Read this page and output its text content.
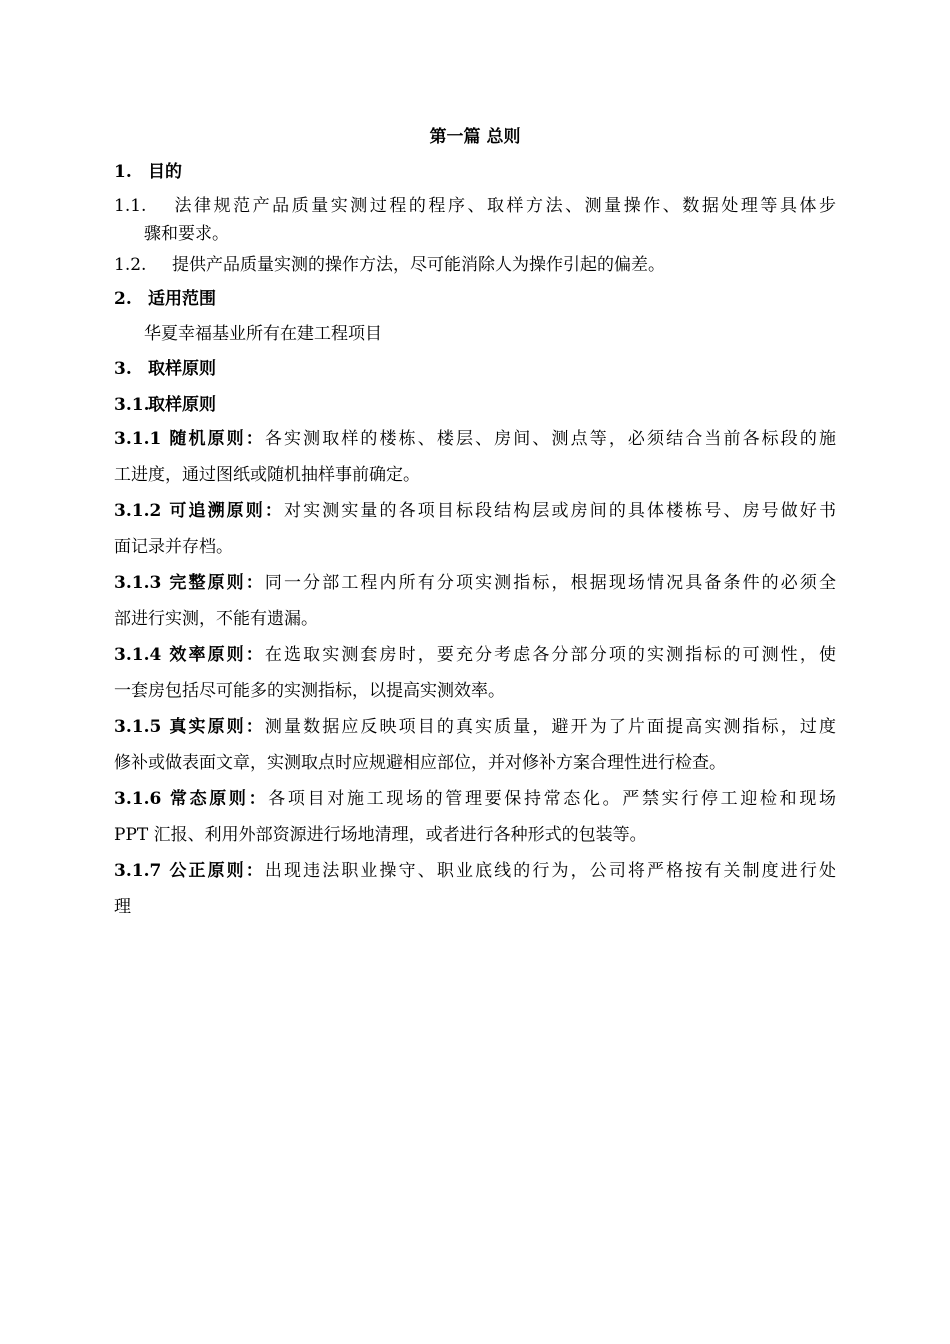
第一篇 总则
1. 目的
1.1. 法律规范产品质量实测过程的程序、取样方法、测量操作、数据处理等具体步
骤和要求。
1.2. 提供产品质量实测的操作方法，尽可能消除人为操作引起的偏差。
2. 适用范围
华夏幸福基业所有在建工程项目
3. 取样原则
3.1.取样原则
3.1.1 随机原则：各实测取样的楼栋、楼层、房间、测点等，必须结合当前各标段的施
工进度，通过图纸或随机抽样事前确定。
3.1.2 可追溯原则：对实测实量的各项目标段结构层或房间的具体楼栋号、房号做好书
面记录并存档。
3.1.3 完整原则：同一分部工程内所有分项实测指标，根据现场情况具备条件的必须全
部进行实测，不能有遗漏。
3.1.4 效率原则：在选取实测套房时，要充分考虑各分部分项的实测指标的可测性，使
一套房包括尽可能多的实测指标，以提高实测效率。
3.1.5 真实原则：测量数据应反映项目的真实质量，避开为了片面提高实测指标，过度
修补或做表面文章，实测取点时应规避相应部位，并对修补方案合理性进行检查。
3.1.6 常态原则：各项目对施工现场的管理要保持常态化。严禁实行停工迎检和现场
PPT 汇报、利用外部资源进行场地清理，或者进行各种形式的包装等。
3.1.7 公正原则：出现违法职业操守、职业底线的行为，公司将严格按有关制度进行处
理
